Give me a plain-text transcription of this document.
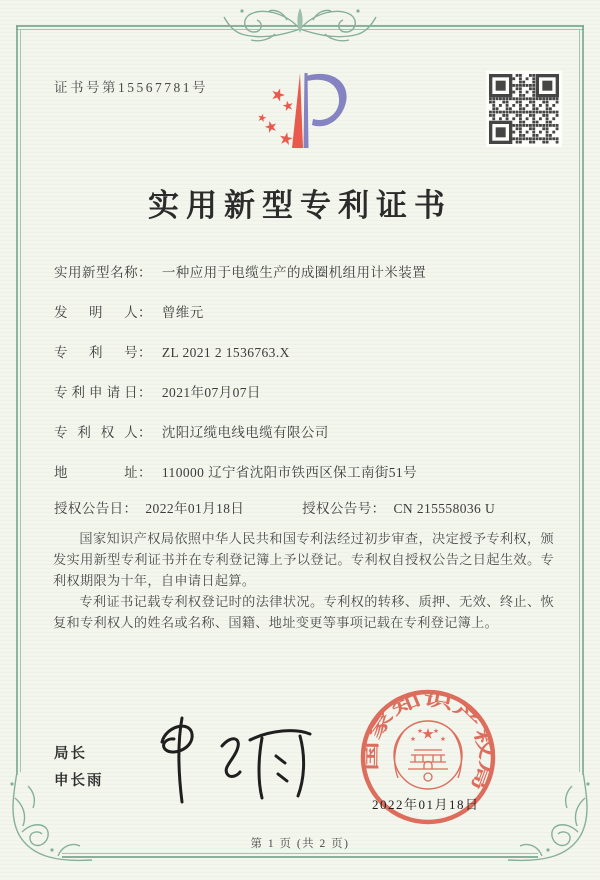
证书号第15567781号
实用新型专利证书
实用新型名称： 一种应用于电缆生产的成圈机组用计米装置
发明人： 曾维元
专利号： ZL 2021 2 1536763.X
专利申请日： 2021年07月07日
专利权人： 沈阳辽缆电线电缆有限公司
地址： 110000 辽宁省沈阳市铁西区保工南街51号
授权公告日： 2022年01月18日	授权公告号： CN 215558036 U

国家知识产权局依照中华人民共和国专利法经过初步审查，决定授予专利权，颁发实用新型专利证书并在专利登记簿上予以登记。专利权自授权公告之日起生效。专利权期限为十年，自申请日起算。

专利证书记载专利权登记时的法律状况。专利权的转移、质押、无效、终止、恢复和专利权人的姓名或名称、国籍、地址变更等事项记载在专利登记簿上。

局长
申长雨
国家知识产权局
2022年01月18日
第 1 页 (共 2 页)
